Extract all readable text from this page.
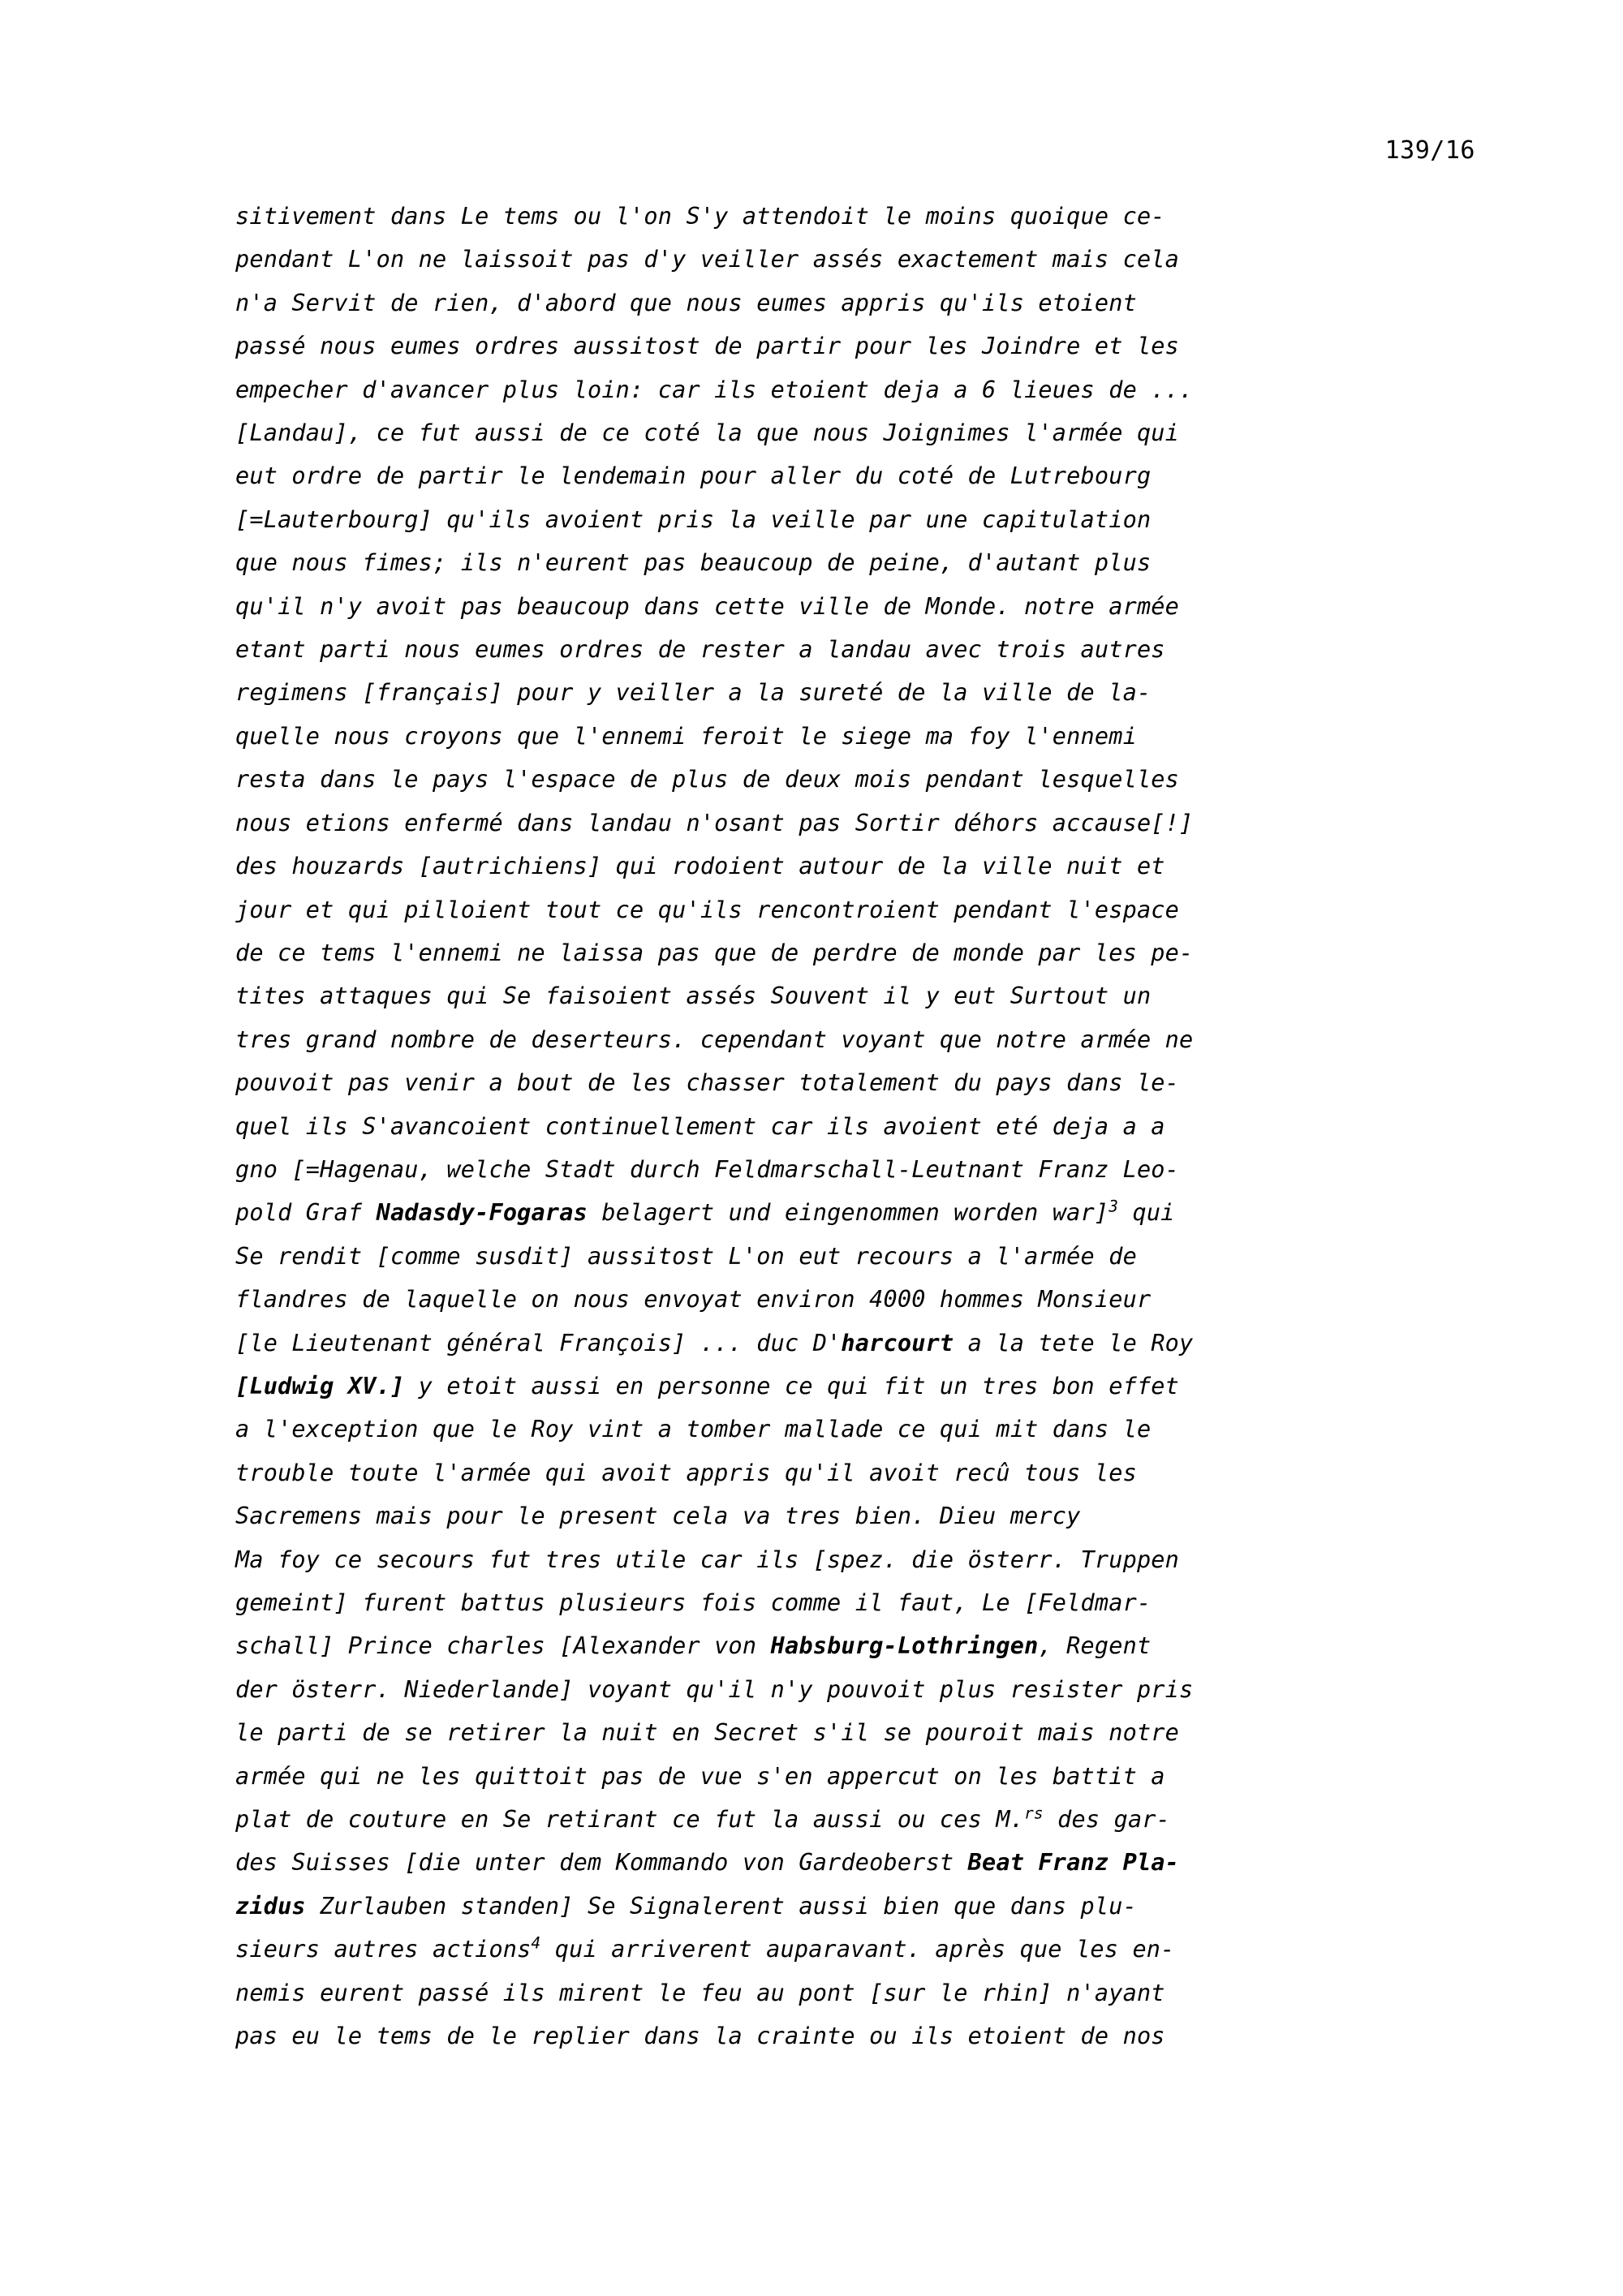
139/16
sitivement dans Le tems ou l'on S'y attendoit le moins quoique ce-
pendant L'on ne laissoit pas d'y veiller assés exactement mais cela
n'a Servit de rien, d'abord que nous eumes appris qu'ils etoient
passé nous eumes ordres aussitost de partir pour les Joindre et les
empecher d'avancer plus loin: car ils etoient deja a 6 lieues de ...
[Landau], ce fut aussi de ce coté la que nous Joignimes l'armée qui
eut ordre de partir le lendemain pour aller du coté de Lutrebourg
[=Lauterbourg] qu'ils avoient pris la veille par une capitulation
que nous fimes; ils n'eurent pas beaucoup de peine, d'autant plus
qu'il n'y avoit pas beaucoup dans cette ville de Monde. notre armée
etant parti nous eumes ordres de rester a landau avec trois autres
regimens [français] pour y veiller a la sureté de la ville de la-
quelle nous croyons que l'ennemi feroit le siege ma foy l'ennemi
resta dans le pays l'espace de plus de deux mois pendant lesquelles
nous etions enfermé dans landau n'osant pas Sortir déhors accause[!]
des houzards [autrichiens] qui rodoient autour de la ville nuit et
jour et qui pilloient tout ce qu'ils rencontroient pendant l'espace
de ce tems l'ennemi ne laissa pas que de perdre de monde par les pe-
tites attaques qui Se faisoient assés Souvent il y eut Surtout un
tres grand nombre de deserteurs. cependant voyant que notre armée ne
pouvoit pas venir a bout de les chasser totalement du pays dans le-
quel ils S'avancoient continuellement car ils avoient eté deja a a
gno [=Hagenau, welche Stadt durch Feldmarschall-Leutnant Franz Leo-
pold Graf Nadasdy-Fogaras belagert und eingenommen worden war]$^3$ qui
Se rendit [comme susdit] aussitost L'on eut recours a l'armée de
flandres de laquelle on nous envoyat environ 4000 hommes Monsieur
[le Lieutenant général François] ... duc D'harcourt a la tete le Roy
[Ludwig XV.] y etoit aussi en personne ce qui fit un tres bon effet
a l'exception que le Roy vint a tomber mallade ce qui mit dans le
trouble toute l'armée qui avoit appris qu'il avoit recû tous les
Sacremens mais pour le present cela va tres bien. Dieu mercy
Ma foy ce secours fut tres utile car ils [spez. die österr. Truppen
gemeint] furent battus plusieurs fois comme il faut, Le [Feldmar-
schall] Prince charles [Alexander von Habsburg-Lothringen, Regent
der österr. Niederlande] voyant qu'il n'y pouvoit plus resister pris
le parti de se retirer la nuit en Secret s'il se pouroit mais notre
armée qui ne les quittoit pas de vue s'en appercut on les battit a
plat de couture en Se retirant ce fut la aussi ou ces M.$^{rs}$ des gar-
des Suisses [die unter dem Kommando von Gardeoberst Beat Franz Pla-
zidus Zurlauben standen] Se Signalerent aussi bien que dans plu-
sieurs autres actions$^4$ qui arriverent auparavant. après que les en-
nemis eurent passé ils mirent le feu au pont [sur le rhin] n'ayant
pas eu le tems de le replier dans la crainte ou ils etoient de nos
